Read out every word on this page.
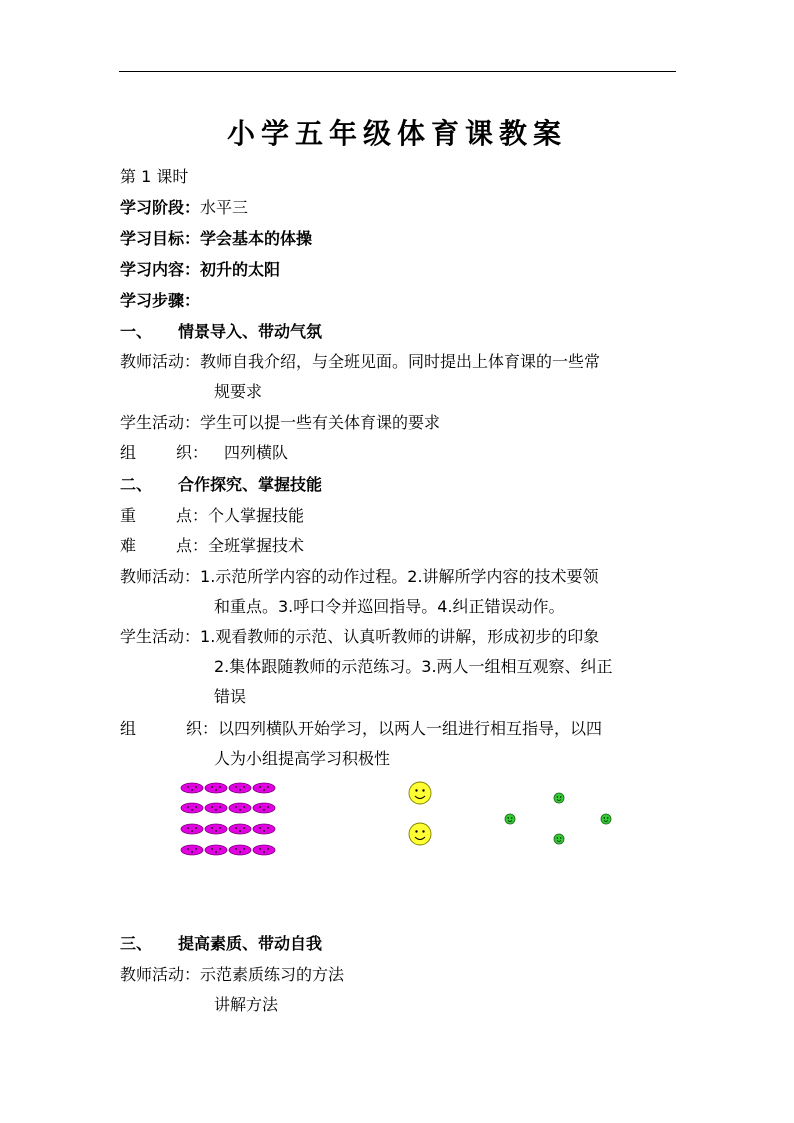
小学五年级体育课教案
第 1 课时
学习阶段：水平三
学习目标：学会基本的体操
学习内容：初升的太阳
学习步骤：
一、 情景导入、带动气氛
教师活动：教师自我介绍，与全班见面。同时提出上体育课的一些常
规要求
学生活动：学生可以提一些有关体育课的要求
组 织： 四列横队
二、 合作探究、掌握技能
重 点：个人掌握技能
难 点：全班掌握技术
教师活动：1.示范所学内容的动作过程。2.讲解所学内容的技术要领
和重点。3.呼口令并巡回指导。4.纠正错误动作。
学生活动：1.观看教师的示范、认真听教师的讲解，形成初步的印象
2.集体跟随教师的示范练习。3.两人一组相互观察、纠正
错误
组	织：以四列横队开始学习，以两人一组进行相互指导，以四
人为小组提高学习积极性
三、 提高素质、带动自我
教师活动：示范素质练习的方法
讲解方法
